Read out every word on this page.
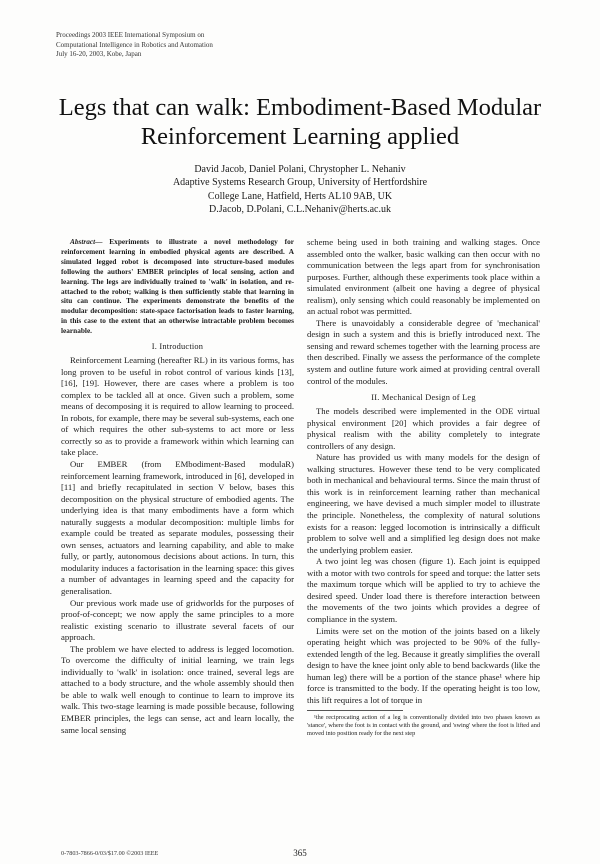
Proceedings 2003 IEEE International Symposium on
Computational Intelligence in Robotics and Automation
July 16-20, 2003, Kobe, Japan
Legs that can walk: Embodiment-Based Modular
Reinforcement Learning applied
David Jacob, Daniel Polani, Chrystopher L. Nehaniv
Adaptive Systems Research Group, University of Hertfordshire
College Lane, Hatfield, Herts AL10 9AB, UK
D.Jacob, D.Polani, C.L.Nehaniv@herts.ac.uk

Abstract— Experiments to illustrate a novel methodology for reinforcement learning in embodied physical agents are described. A simulated legged robot is decomposed into structure-based modules following the authors' EMBER principles of local sensing, action and learning. The legs are individually trained to 'walk' in isolation, and re-attached to the robot; walking is then sufficiently stable that learning in situ can continue. The experiments demonstrate the benefits of the modular decomposition: state-space factorisation leads to faster learning, in this case to the extent that an otherwise intractable problem becomes learnable.

I. Introduction

Reinforcement Learning (hereafter RL) in its various forms, has long proven to be useful in robot control of various kinds [13], [16], [19]. However, there are cases where a problem is too complex to be tackled all at once. Given such a problem, some means of decomposing it is required to allow learning to proceed. In robots, for example, there may be several sub-systems, each one of which requires the other sub-systems to act more or less correctly so as to provide a framework within which learning can take place.

Our EMBER (from EMbodiment-Based modulaR) reinforcement learning framework, introduced in [6], developed in [11] and briefly recapitulated in section V below, bases this decomposition on the physical structure of embodied agents. The underlying idea is that many embodiments have a form which naturally suggests a modular decomposition: multiple limbs for example could be treated as separate modules, possessing their own senses, actuators and learning capability, and able to make fully, or partly, autonomous decisions about actions. In turn, this modularity induces a factorisation in the learning space: this gives a number of advantages in learning speed and the capacity for generalisation.

Our previous work made use of gridworlds for the purposes of proof-of-concept; we now apply the same principles to a more realistic existing scenario to illustrate several facets of our approach.

The problem we have elected to address is legged locomotion. To overcome the difficulty of initial learning, we train legs individually to 'walk' in isolation: once trained, several legs are attached to a body structure, and the whole assembly should then be able to walk well enough to continue to learn to improve its walk. This two-stage learning is made possible because, following EMBER principles, the legs can sense, act and learn locally, the same local sensing

scheme being used in both training and walking stages. Once assembled onto the walker, basic walking can then occur with no communication between the legs apart from for synchronisation purposes. Further, although these experiments took place within a simulated environment (albeit one having a degree of physical realism), only sensing which could reasonably be implemented on an actual robot was permitted.

There is unavoidably a considerable degree of 'mechanical' design in such a system and this is briefly introduced next. The sensing and reward schemes together with the learning process are then described. Finally we assess the performance of the complete system and outline future work aimed at providing central overall control of the modules.

II. Mechanical Design of Leg

The models described were implemented in the ODE virtual physical environment [20] which provides a fair degree of physical realism with the ability completely to integrate controllers of any design.

Nature has provided us with many models for the design of walking structures. However these tend to be very complicated both in mechanical and behavioural terms. Since the main thrust of this work is in reinforcement learning rather than mechanical engineering, we have devised a much simpler model to illustrate the principle. Nonetheless, the complexity of natural solutions exists for a reason: legged locomotion is intrinsically a difficult problem to solve well and a simplified leg design does not make the underlying problem easier.

A two joint leg was chosen (figure 1). Each joint is equipped with a motor with two controls for speed and torque: the latter sets the maximum torque which will be applied to try to achieve the desired speed. Under load there is therefore interaction between the movements of the two joints which provides a degree of compliance in the system.

Limits were set on the motion of the joints based on a likely operating height which was projected to be 90% of the fully-extended length of the leg. Because it greatly simplifies the overall design to have the knee joint only able to bend backwards (like the human leg) there will be a portion of the stance phase¹ where hip force is transmitted to the body. If the operating height is too low, this lift requires a lot of torque in

¹the reciprocating action of a leg is conventionally divided into two phases known as 'stance', where the foot is in contact with the ground, and 'swing' where the foot is lifted and moved into position ready for the next step
0-7803-7866-0/03/$17.00 ©2003 IEEE	365
